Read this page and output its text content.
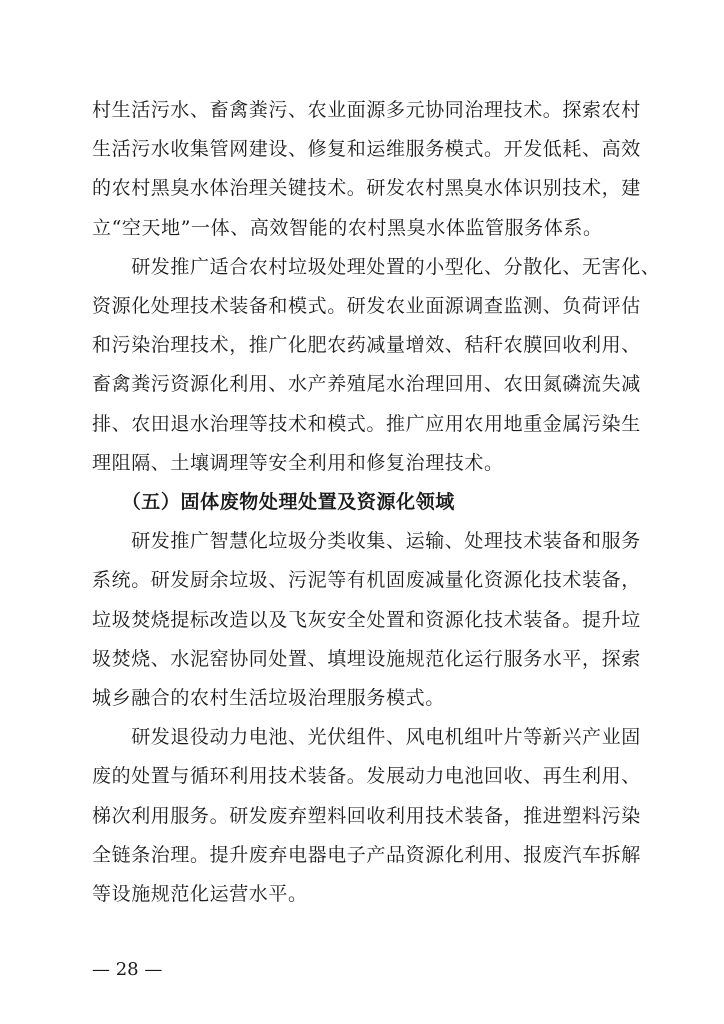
村生活污水、畜禽粪污、农业面源多元协同治理技术。探索农村
生活污水收集管网建设、修复和运维服务模式。开发低耗、高效
的农村黑臭水体治理关键技术。研发农村黑臭水体识别技术，建
立“空天地”一体、高效智能的农村黑臭水体监管服务体系。
　　研发推广适合农村垃圾处理处置的小型化、分散化、无害化、
资源化处理技术装备和模式。研发农业面源调查监测、负荷评估
和污染治理技术，推广化肥农药减量增效、秸秆农膜回收利用、
畜禽粪污资源化利用、水产养殖尾水治理回用、农田氮磷流失减
排、农田退水治理等技术和模式。推广应用农用地重金属污染生
理阻隔、土壤调理等安全利用和修复治理技术。
　　（五）固体废物处理处置及资源化领域
　　研发推广智慧化垃圾分类收集、运输、处理技术装备和服务
系统。研发厨余垃圾、污泥等有机固废减量化资源化技术装备，
垃圾焚烧提标改造以及飞灰安全处置和资源化技术装备。提升垃
圾焚烧、水泥窑协同处置、填埋设施规范化运行服务水平，探索
城乡融合的农村生活垃圾治理服务模式。
　　研发退役动力电池、光伏组件、风电机组叶片等新兴产业固
废的处置与循环利用技术装备。发展动力电池回收、再生利用、
梯次利用服务。研发废弃塑料回收利用技术装备，推进塑料污染
全链条治理。提升废弃电器电子产品资源化利用、报废汽车拆解
等设施规范化运营水平。
— 28 —
